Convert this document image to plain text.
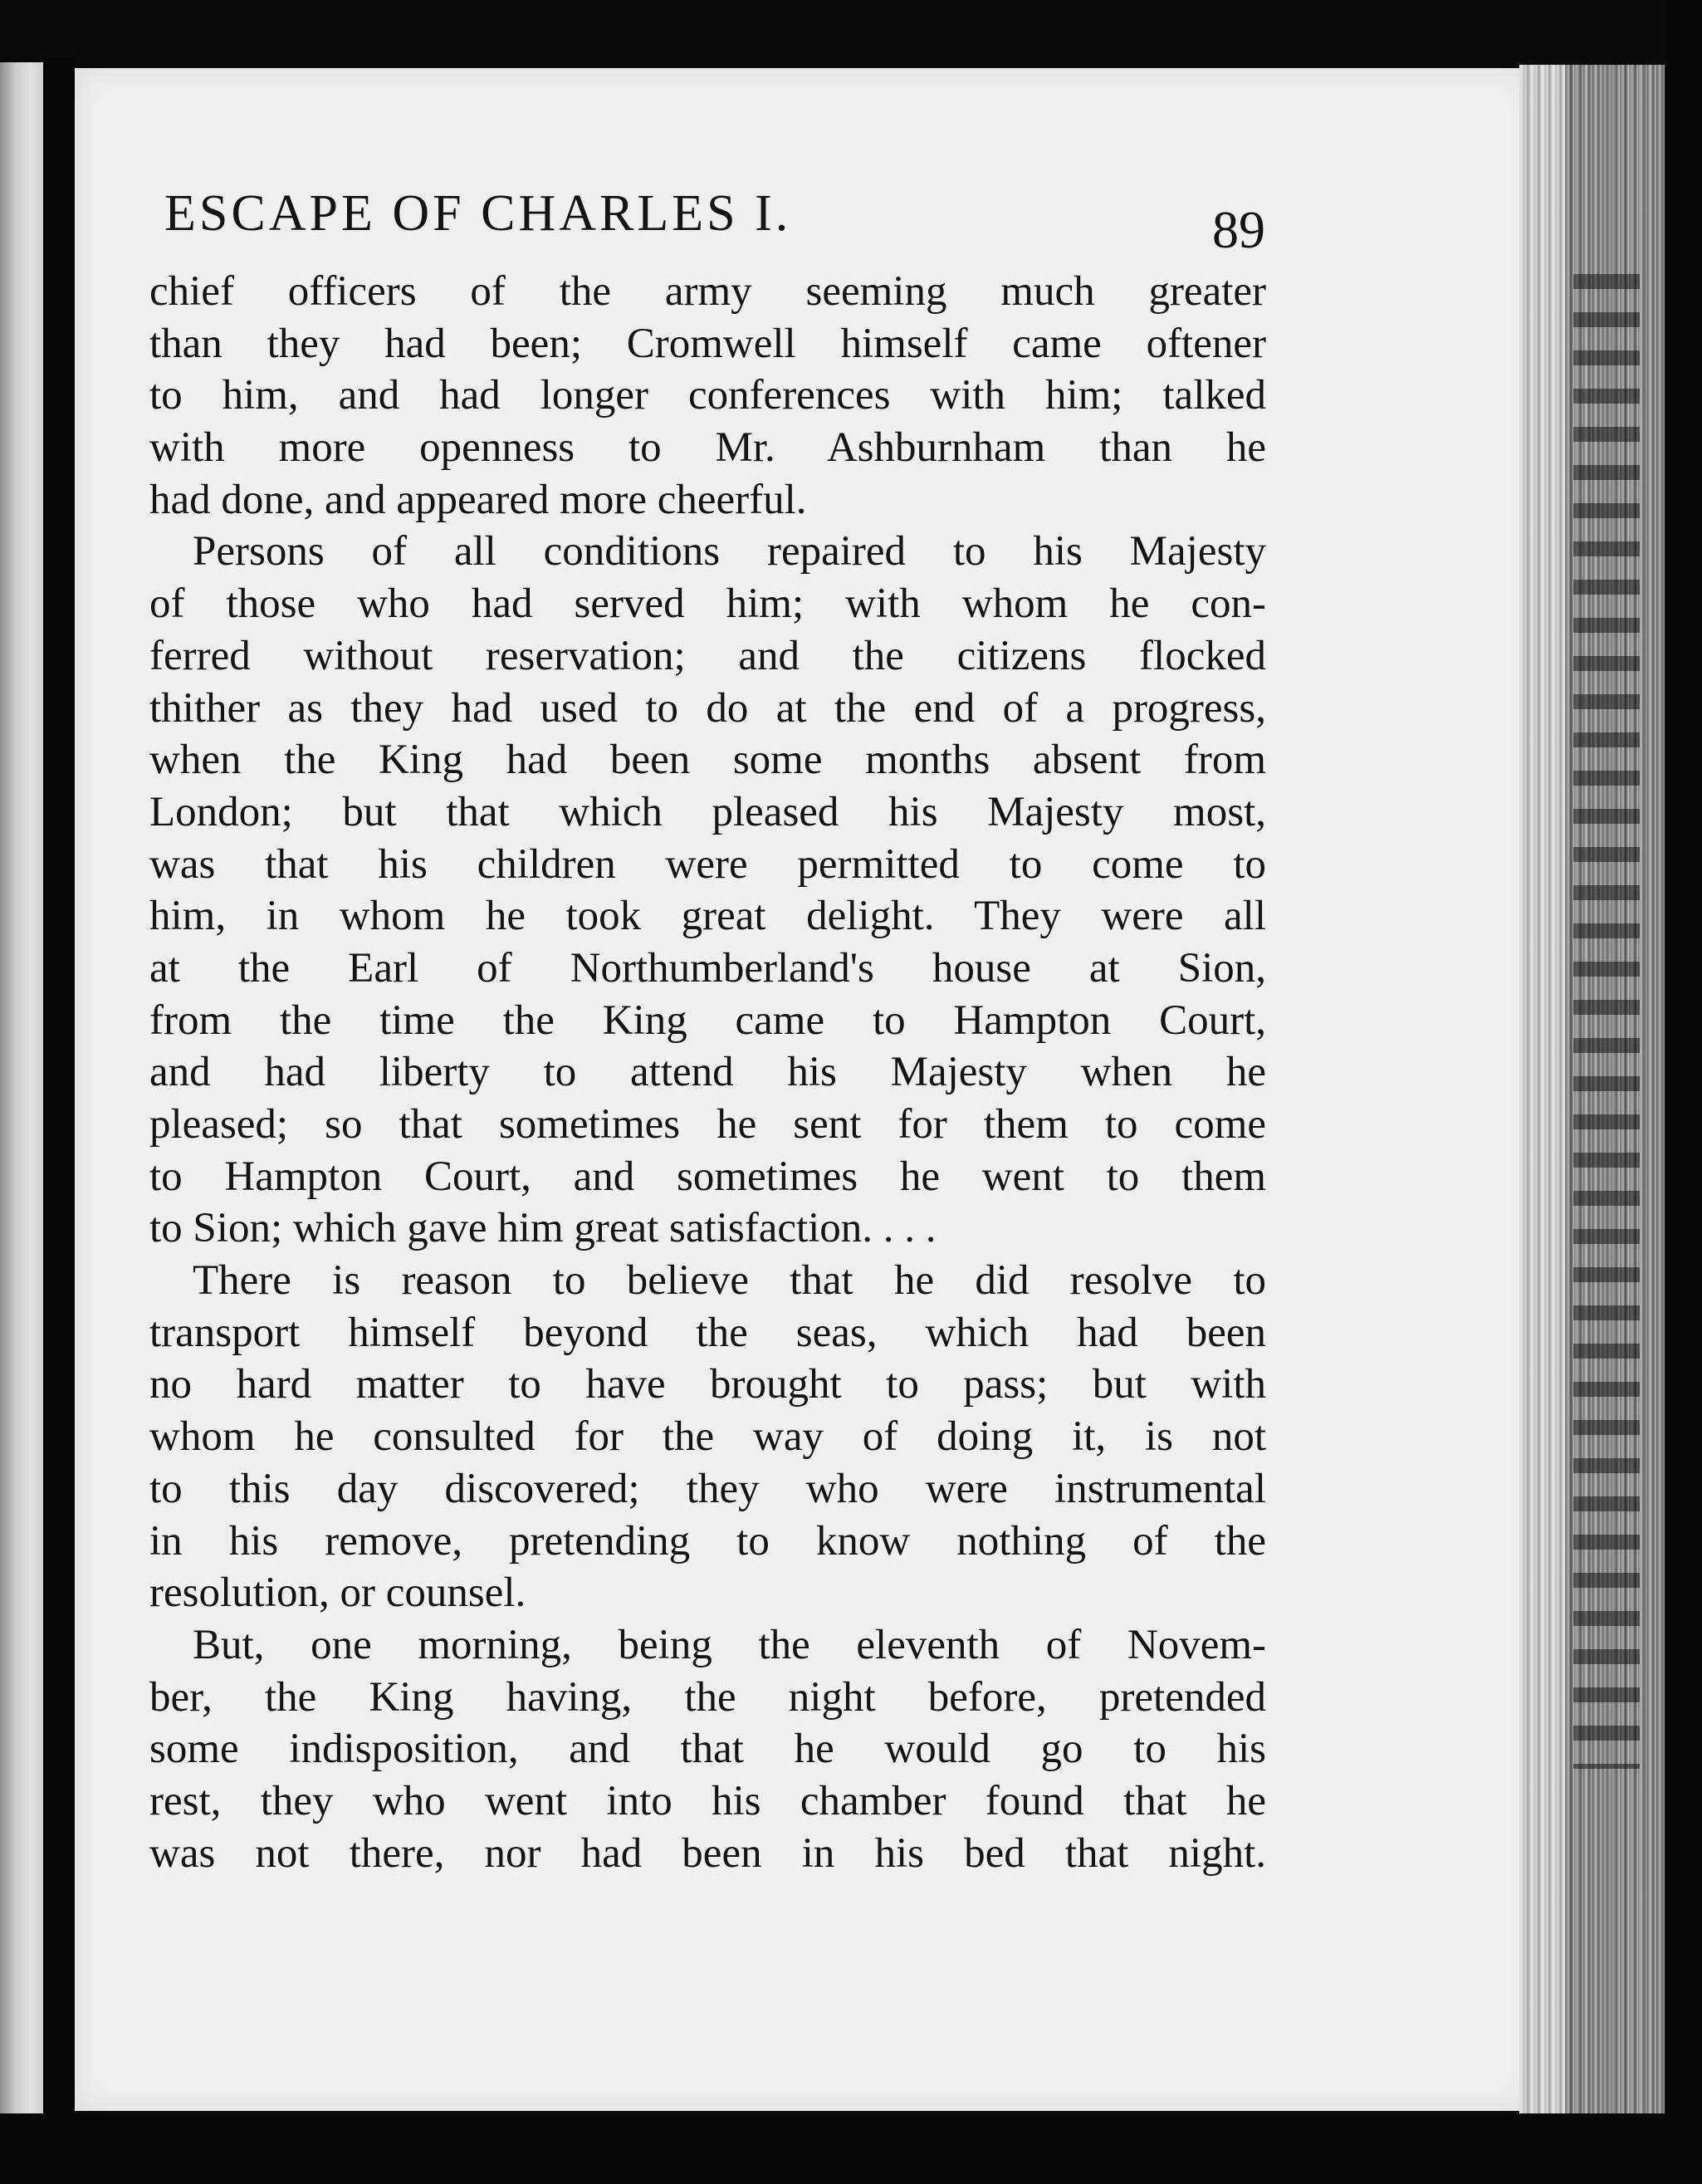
ESCAPE OF CHARLES I.	89
chief officers of the army seeming much greater
than they had been; Cromwell himself came oftener
to him, and had longer conferences with him; talked
with more openness to Mr. Ashburnham than he
had done, and appeared more cheerful.
Persons of all conditions repaired to his Majesty
of those who had served him; with whom he con-
ferred without reservation; and the citizens flocked
thither as they had used to do at the end of a progress,
when the King had been some months absent from
London; but that which pleased his Majesty most,
was that his children were permitted to come to
him, in whom he took great delight. They were all
at the Earl of Northumberland's house at Sion,
from the time the King came to Hampton Court,
and had liberty to attend his Majesty when he
pleased; so that sometimes he sent for them to come
to Hampton Court, and sometimes he went to them
to Sion; which gave him great satisfaction. . . .
There is reason to believe that he did resolve to
transport himself beyond the seas, which had been
no hard matter to have brought to pass; but with
whom he consulted for the way of doing it, is not
to this day discovered; they who were instrumental
in his remove, pretending to know nothing of the
resolution, or counsel.
But, one morning, being the eleventh of Novem-
ber, the King having, the night before, pretended
some indisposition, and that he would go to his
rest, they who went into his chamber found that he
was not there, nor had been in his bed that night.
